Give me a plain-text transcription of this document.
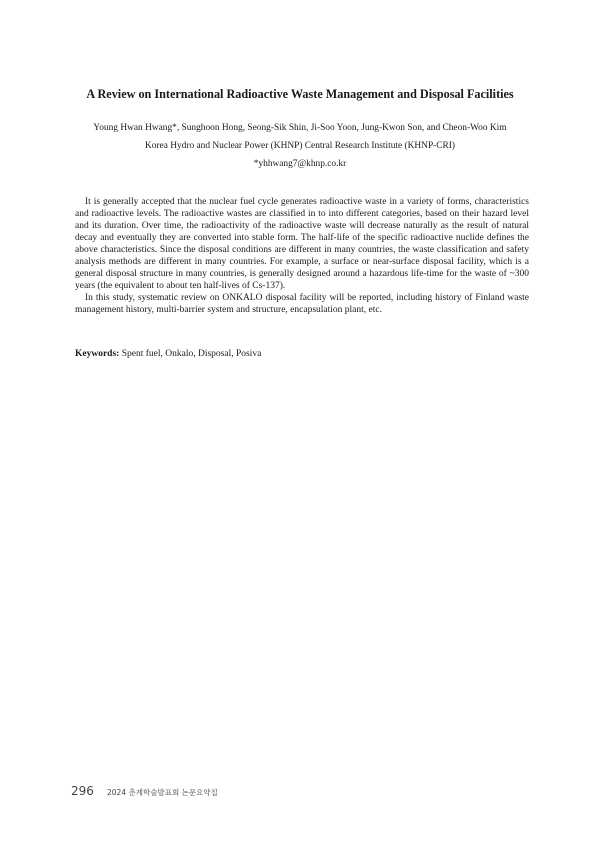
A Review on International Radioactive Waste Management and Disposal Facilities
Young Hwan Hwang*, Sunghoon Hong, Seong-Sik Shin, Ji-Soo Yoon, Jung-Kwon Son, and Cheon-Woo Kim
Korea Hydro and Nuclear Power (KHNP) Central Research Institute (KHNP-CRI)
*yhhwang7@khnp.co.kr

It is generally accepted that the nuclear fuel cycle generates radioactive waste in a variety of forms, characteristics and radioactive levels. The radioactive wastes are classified in to into different categories, based on their hazard level and its duration. Over time, the radioactivity of the radioactive waste will decrease naturally as the result of natural decay and eventually they are converted into stable form. The half-life of the specific radioactive nuclide defines the above characteristics. Since the disposal conditions are different in many countries, the waste classification and safety analysis methods are different in many countries. For example, a surface or near-surface disposal facility, which is a general disposal structure in many countries, is generally designed around a hazardous life-time for the waste of ~300 years (the equivalent to about ten half-lives of Cs-137).

In this study, systematic review on ONKALO disposal facility will be reported, including history of Finland waste management history, multi-barrier system and structure, encapsulation plant, etc.

Keywords: Spent fuel, Onkalo, Disposal, Posiva
296 2024 춘계학술발표회 논문요약집
